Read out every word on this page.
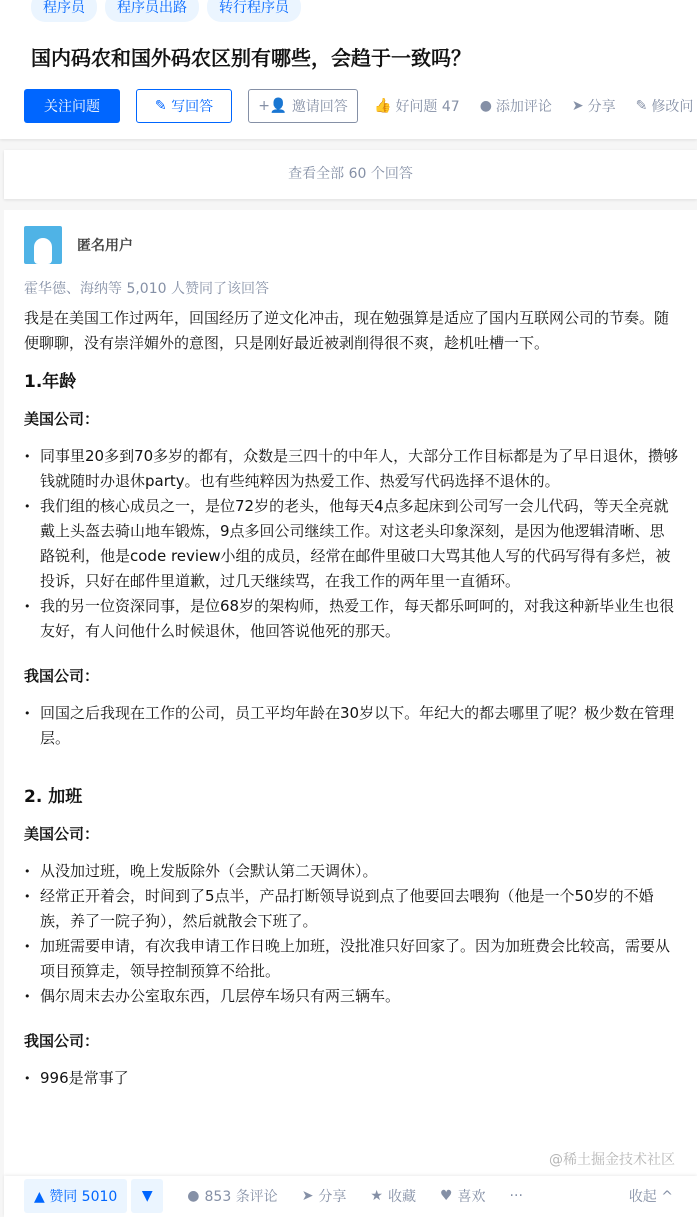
程序员	程序员出路	转行程序员
国内码农和国外码农区别有哪些，会趋于一致吗？
关注问题	✎ 写回答	+👤 邀请回答 👍 好问题 47 ● 添加评论 ➤ 分享 ✎ 修改问
查看全部 60 个回答
匿名用户
霍华德、海纳等 5,010 人赞同了该回答

我是在美国工作过两年，回国经历了逆文化冲击，现在勉强算是适应了国内互联网公司的节奏。随便聊聊，没有崇洋媚外的意图，只是刚好最近被剥削得很不爽，趁机吐槽一下。

1.年龄
美国公司：
• 同事里20多到70多岁的都有，众数是三四十的中年人，大部分工作目标都是为了早日退休，攒够钱就随时办退休party。也有些纯粹因为热爱工作、热爱写代码选择不退休的。
• 我们组的核心成员之一，是位72岁的老头，他每天4点多起床到公司写一会儿代码，等天全亮就戴上头盔去骑山地车锻炼，9点多回公司继续工作。对这老头印象深刻，是因为他逻辑清晰、思路锐利，他是code review小组的成员，经常在邮件里破口大骂其他人写的代码写得有多烂，被投诉，只好在邮件里道歉，过几天继续骂，在我工作的两年里一直循环。
• 我的另一位资深同事，是位68岁的架构师，热爱工作，每天都乐呵呵的，对我这种新毕业生也很友好，有人问他什么时候退休，他回答说他死的那天。
我国公司：
• 回国之后我现在工作的公司，员工平均年龄在30岁以下。年纪大的都去哪里了呢？极少数在管理层。
2. 加班
美国公司：
• 从没加过班，晚上发版除外（会默认第二天调休）。
• 经常正开着会，时间到了5点半，产品打断领导说到点了他要回去喂狗（他是一个50岁的不婚族，养了一院子狗），然后就散会下班了。
• 加班需要申请，有次我申请工作日晚上加班，没批准只好回家了。因为加班费会比较高，需要从项目预算走，领导控制预算不给批。
• 偶尔周末去办公室取东西，几层停车场只有两三辆车。
我国公司：
• 996是常事了
▲ 赞同 5010	▼	● 853 条评论 ➤ 分享 ★ 收藏 ♥ 喜欢 ···	收起 ^
@稀土掘金技术社区
